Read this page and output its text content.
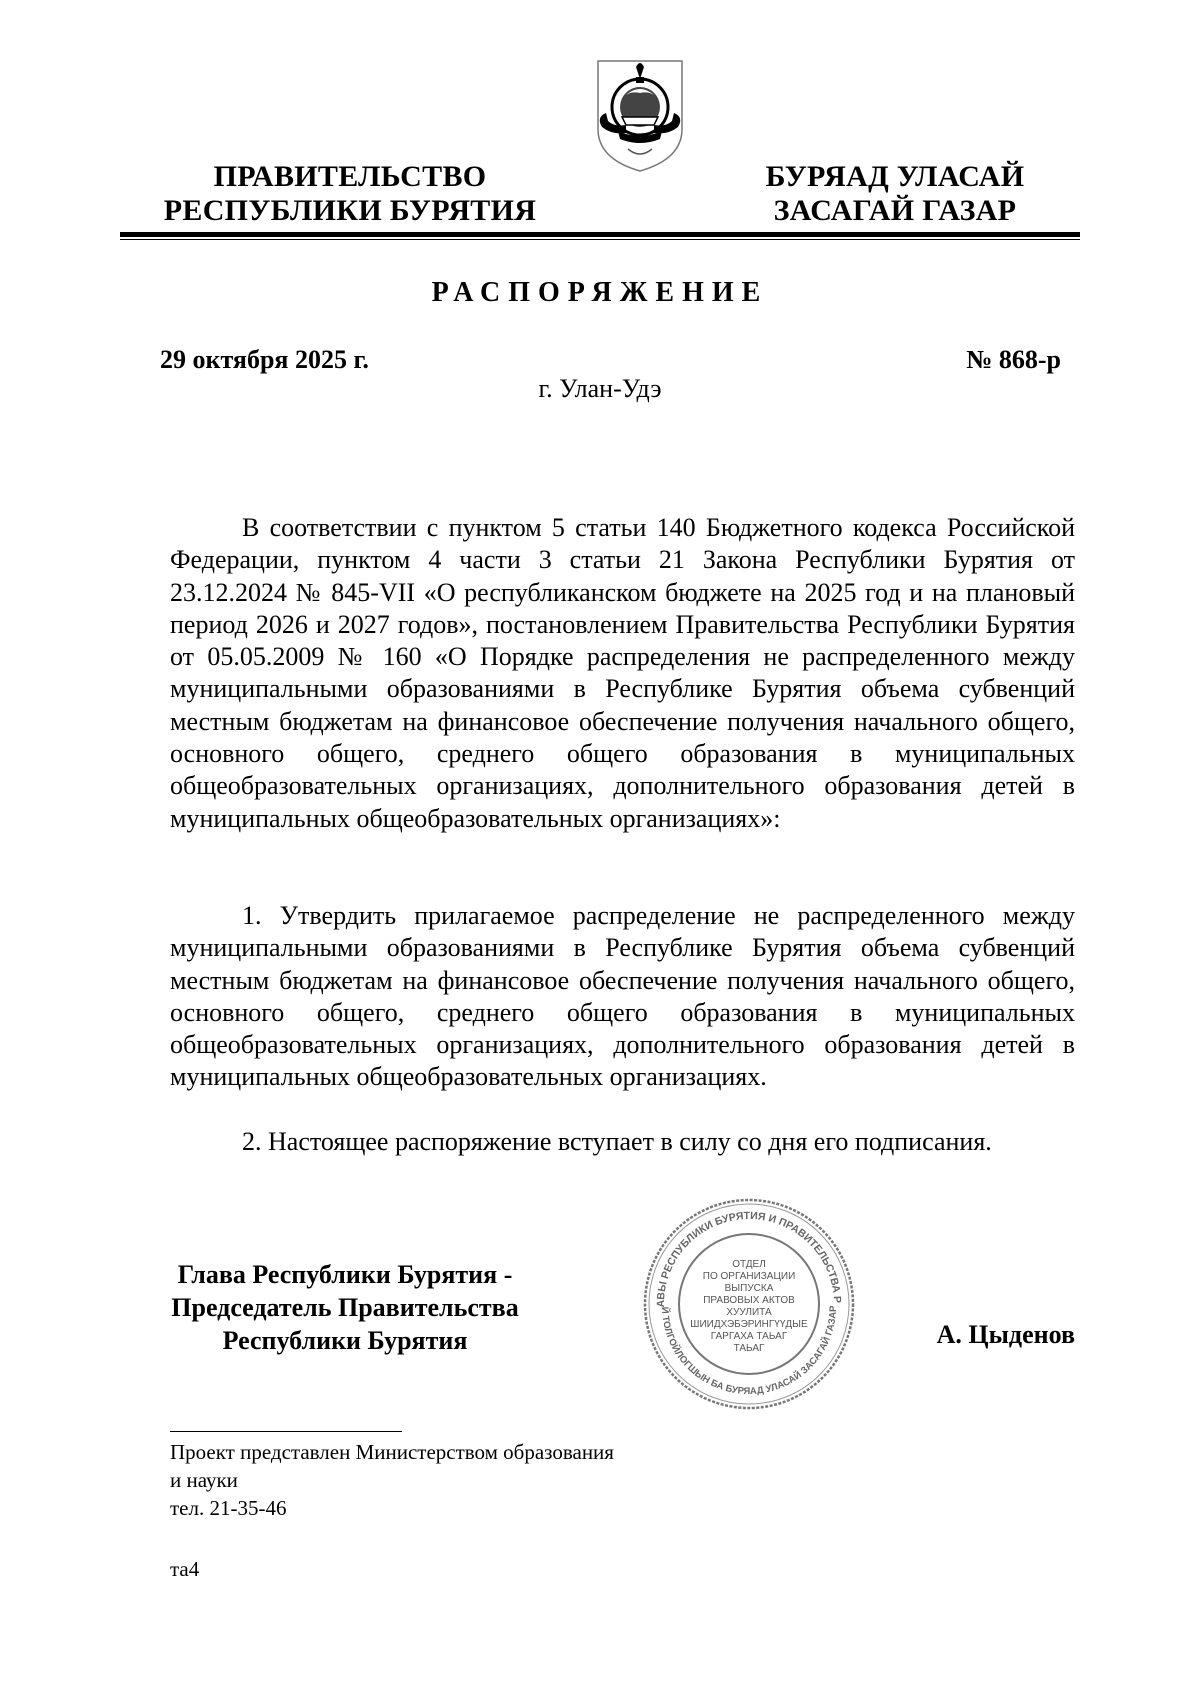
ПРАВИТЕЛЬСТВО
РЕСПУБЛИКИ БУРЯТИЯ
БУРЯАД УЛАСАЙ
ЗАСАГАЙ ГАЗАР
РАСПОРЯЖЕНИЕ
29 октября 2025 г.	№ 868-р
г. Улан-Удэ

В соответствии с пунктом 5 статьи 140 Бюджетного кодекса Российской Федерации, пунктом 4 части 3 статьи 21 Закона Республики Бурятия от 23.12.2024 № 845-VII «О республиканском бюджете на 2025 год и на плановый период 2026 и 2027 годов», постановлением Правительства Республики Бурятия от 05.05.2009 № 160 «О Порядке распределения не распределенного между муниципальными образованиями в Республике Бурятия объема субвенций местным бюджетам на финансовое обеспечение получения начального общего, основного общего, среднего общего образования в муниципальных общеобразовательных организациях, дополнительного образования детей в муниципальных общеобразовательных организациях»:

1. Утвердить прилагаемое распределение не распределенного между муниципальными образованиями в Республике Бурятия объема субвенций местным бюджетам на финансовое обеспечение получения начального общего, основного общего, среднего общего образования в муниципальных общеобразовательных организациях, дополнительного образования детей в муниципальных общеобразовательных организациях.

2. Настоящее распоряжение вступает в силу со дня его подписания.

Глава Республики Бурятия -
Председатель Правительства
Республики Бурятия
АВЫ РЕСПУБЛИКИ БУРЯТИЯ И ПРАВИТЕЛЬСТВА Р
Й ТОЛГОЙЛОГШЫН БА БУРЯАД УЛАСАЙ ЗАСАГАЙ ГАЗАР
ОТДЕЛ
ПО ОРГАНИЗАЦИИ
ВЫПУСКА
ПРАВОВЫХ АКТОВ
ХУУЛИТА
ШИИДХЭБЭРИНГҮҮДЫЕ
ГАРГАХА ТАЬАГ
ТАЬАГ	А. Цыденов
Проект представлен Министерством образования
и науки
тел. 21-35-46
та4
